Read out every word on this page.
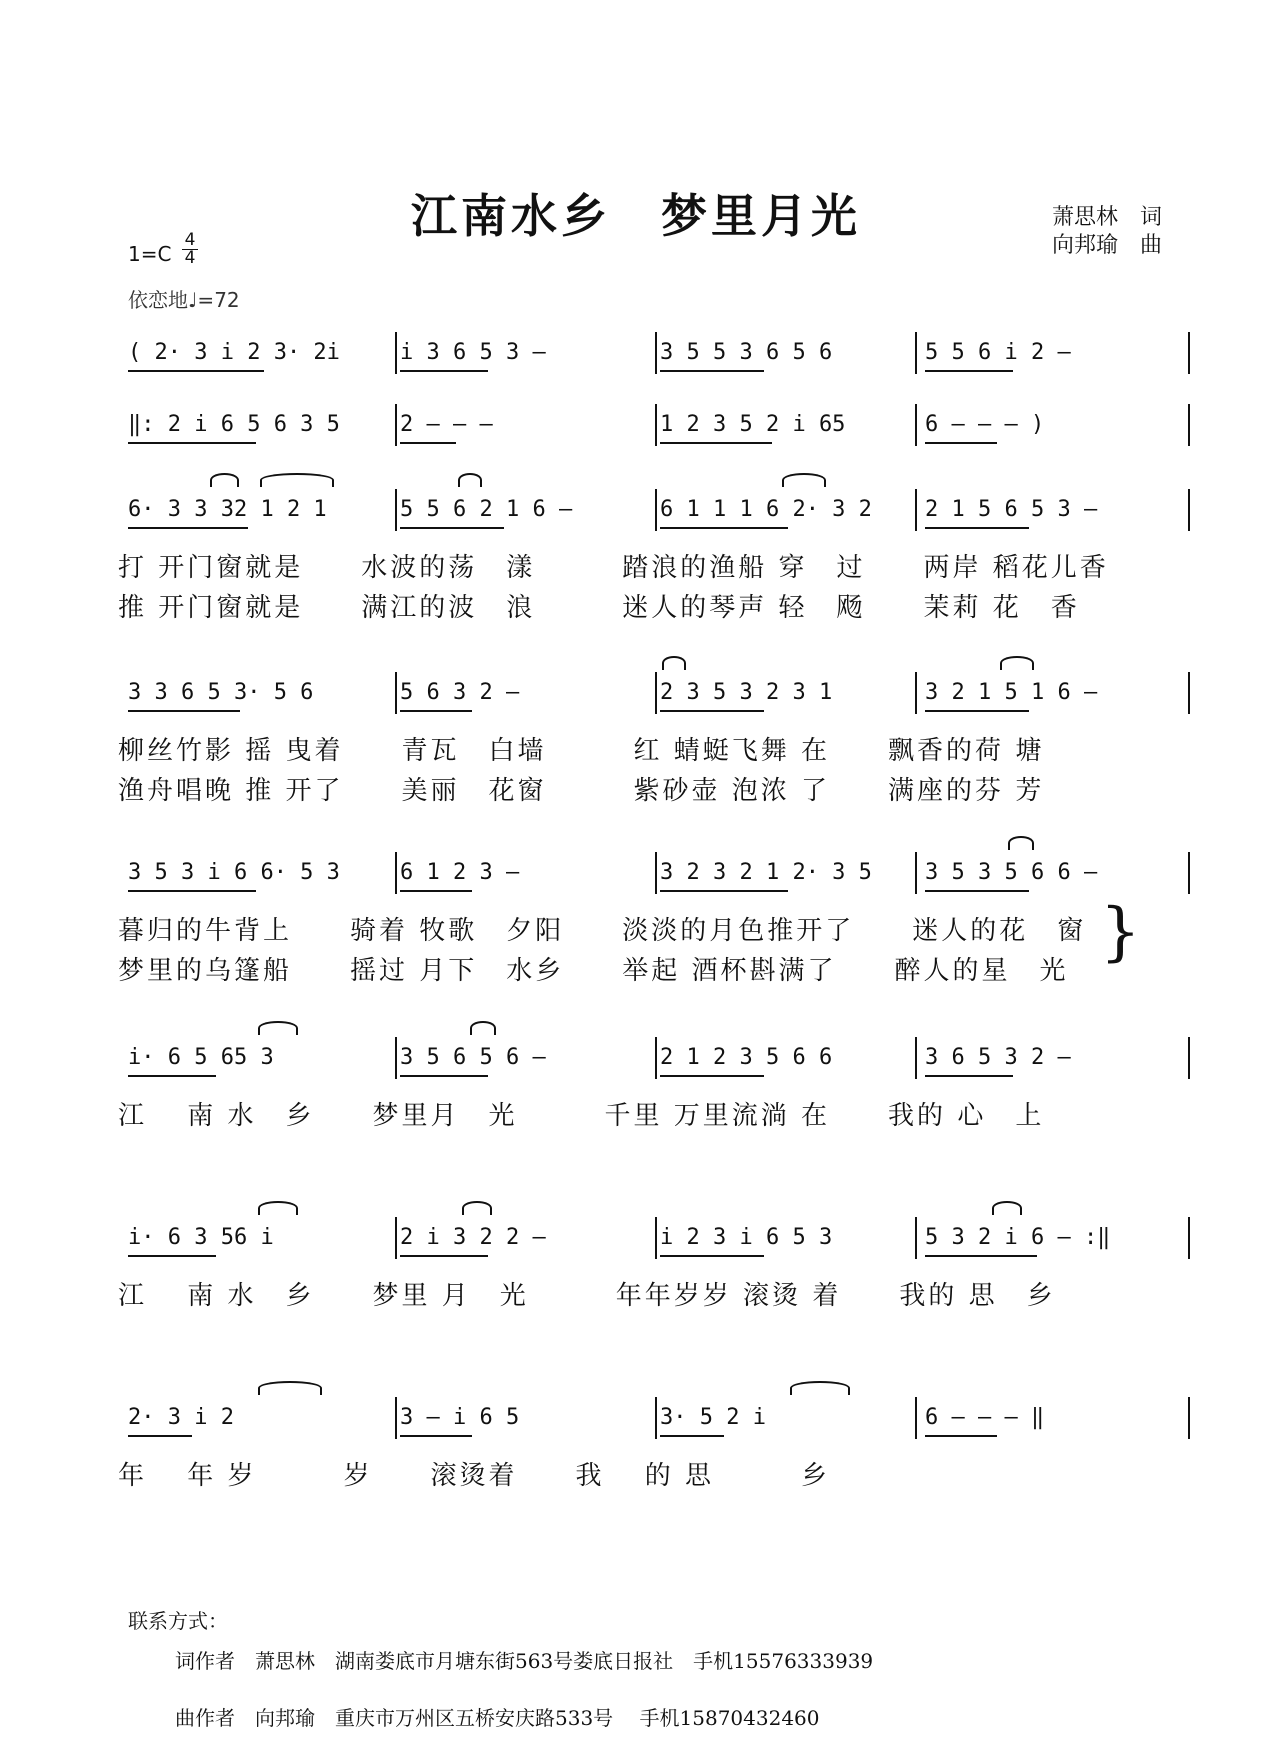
江南水乡　梦里月光	萧思林　词
向邦瑜　曲
$1=C \frac{4}{4}$
依恋地♩=72
( 2· 3 i 2 3· 2i	i 3 6 5 3 –	3 5 5 3 6 5 6	5 5 6 i 2 –
‖: 2 i 6 5 6 3 5	2 – – –	1 2 3 5 2 i 65	6 – – – )
6· 3 3 32 1 2 1	5 5 6 2 1 6 –	6 1 1 1 6 2· 3 2 2 1 5 6 5 3 –
打 开门窗就是　　水波的荡　漾　　　踏浪的渔船 穿　过　　两岸 稻花儿香
推 开门窗就是　　满江的波　浪　　　迷人的琴声 轻　飏　　茉莉 花　香
3 3 6 5 3· 5 6	5 6 3 2 –	2 3 5 3 2 3 1	3 2 1 5 1 6 –
柳丝竹影 摇 曳着　　青瓦　白墙　　　红 蜻蜓飞舞 在　　飘香的荷 塘
渔舟唱晚 推 开了　　美丽　花窗　　　紫砂壶 泡浓 了　　满座的芬 芳
3 5 3 i 6 6· 5 3	6 1 2 3 –	3 2 3 2 1 2· 3 5 3 5 3 5 6 6 –
暮归的牛背上　　骑着 牧歌　夕阳　　淡淡的月色推开了　　迷人的花　窗
梦里的乌篷船　　摇过 月下　水乡　　举起 酒杯斟满了　　醉人的星　光
}
i· 6 5 65 3	3 5 6 5 6 –	2 1 2 3 5 6 6	3 6 5 3 2 –
江　 南 水　乡　　梦里月　光　　　千里 万里流淌 在　　我的 心　上
i· 6 3 56 i	2 i 3 2 2 –	i 2 3 i 6 5 3	5 3 2 i 6 – :‖
江　 南 水　乡　　梦里 月　光　　　年年岁岁 滚烫 着　　我的 思　乡
2· 3 i 2	3 – i 6 5	3· 5 2 i	6 – – – ‖
年　 年 岁　　　岁　　滚烫着　　我　 的 思　　　乡
联系方式：
词作者　萧思林　湖南娄底市月塘东街563号娄底日报社　手机15576333939
曲作者　向邦瑜　重庆市万州区五桥安庆路533号　 手机15870432460
